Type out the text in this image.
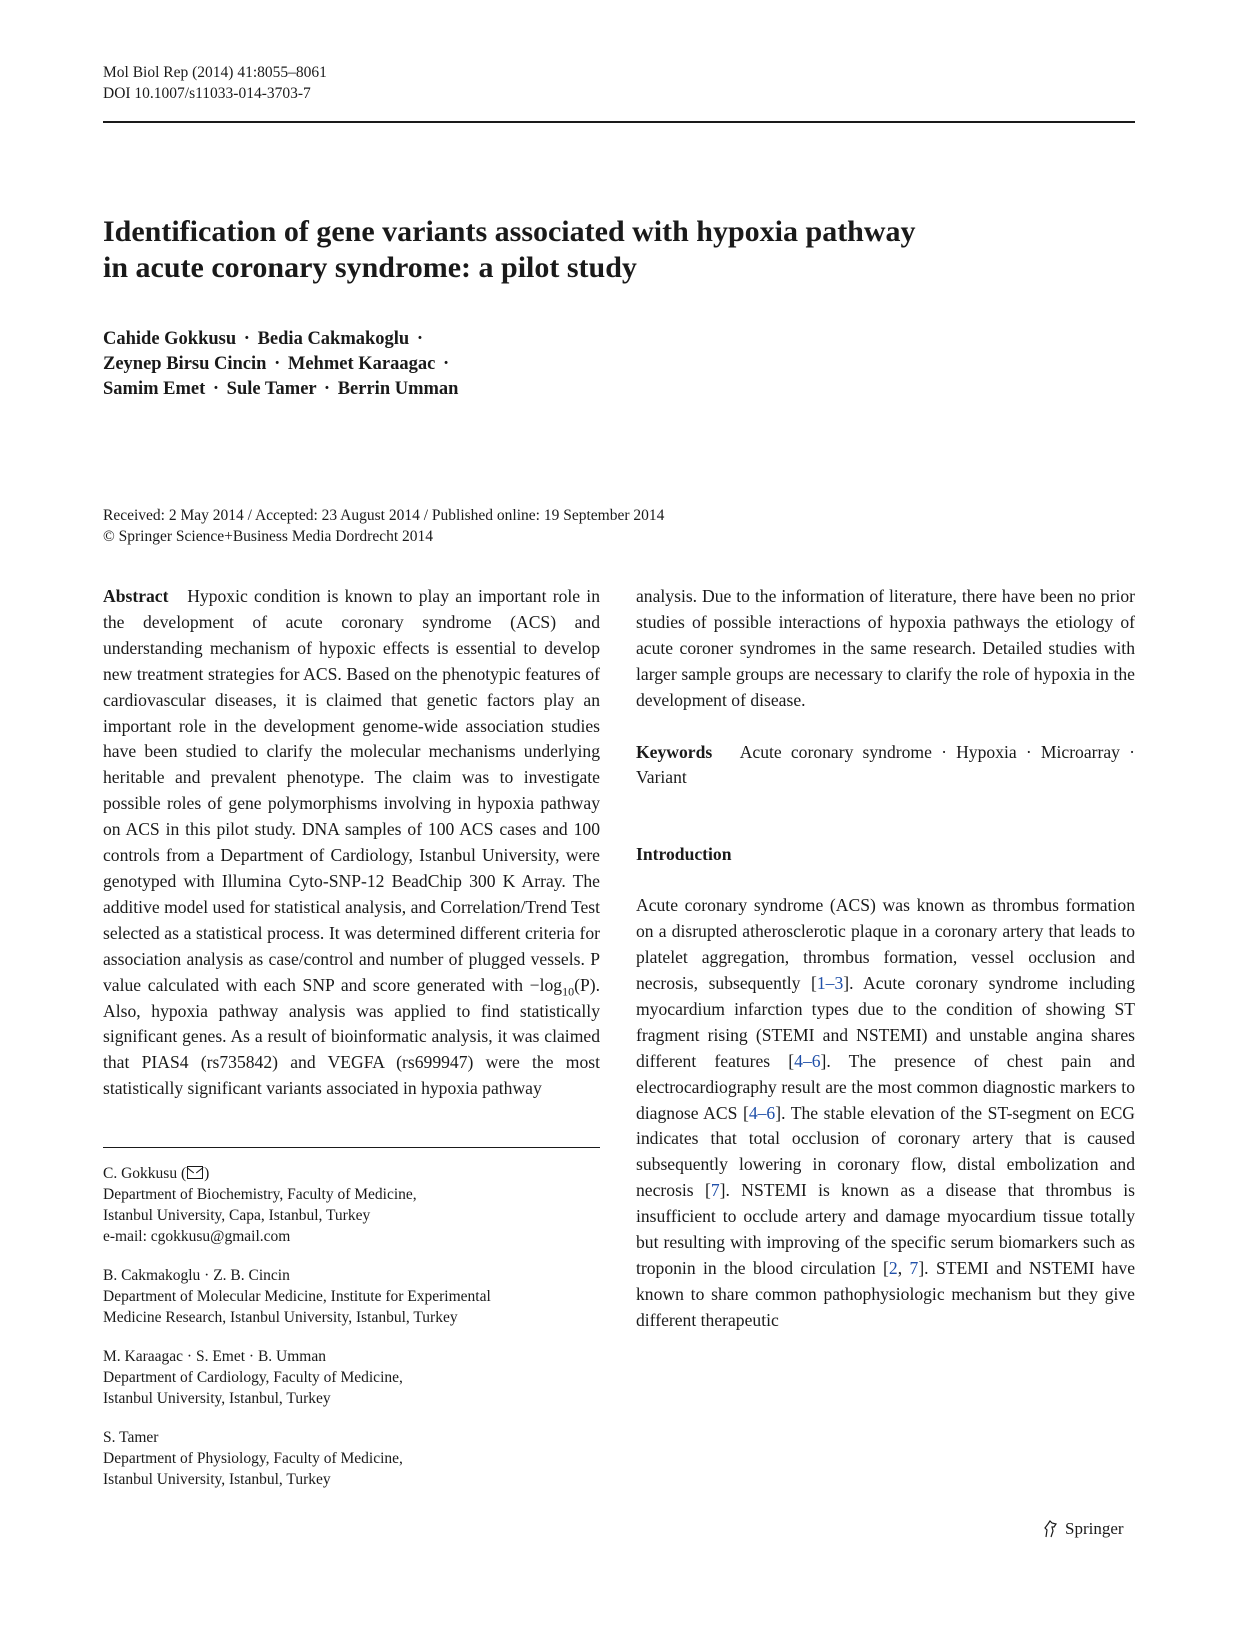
Mol Biol Rep (2014) 41:8055–8061
DOI 10.1007/s11033-014-3703-7
Identification of gene variants associated with hypoxia pathway
in acute coronary syndrome: a pilot study
Cahide Gokkusu · Bedia Cakmakoglu ·
Zeynep Birsu Cincin · Mehmet Karaagac ·
Samim Emet · Sule Tamer · Berrin Umman
Received: 2 May 2014 / Accepted: 23 August 2014 / Published online: 19 September 2014
© Springer Science+Business Media Dordrecht 2014

Abstract Hypoxic condition is known to play an important role in the development of acute coronary syndrome (ACS) and understanding mechanism of hypoxic effects is essential to develop new treatment strategies for ACS. Based on the phenotypic features of cardiovascular diseases, it is claimed that genetic factors play an important role in the development genome-wide association studies have been studied to clarify the molecular mechanisms underlying heritable and prevalent phenotype. The claim was to investigate possible roles of gene polymorphisms involving in hypoxia pathway on ACS in this pilot study. DNA samples of 100 ACS cases and 100 controls from a Department of Cardiology, Istanbul University, were genotyped with Illumina Cyto-SNP-12 BeadChip 300 K Array. The additive model used for statistical analysis, and Correlation/Trend Test selected as a statistical process. It was determined different criteria for association analysis as case/control and number of plugged vessels. P value calculated with each SNP and score generated with $-\log_{10}(P)$. Also, hypoxia pathway analysis was applied to find statistically significant genes. As a result of bioinformatic analysis, it was claimed that PIAS4 (rs735842) and VEGFA (rs699947) were the most statistically significant variants associated in hypoxia pathway

analysis. Due to the information of literature, there have been no prior studies of possible interactions of hypoxia pathways the etiology of acute coroner syndromes in the same research. Detailed studies with larger sample groups are necessary to clarify the role of hypoxia in the development of disease.

Keywords Acute coronary syndrome · Hypoxia · Microarray · Variant

Introduction

Acute coronary syndrome (ACS) was known as thrombus formation on a disrupted atherosclerotic plaque in a coronary artery that leads to platelet aggregation, thrombus formation, vessel occlusion and necrosis, subsequently [1–3]. Acute coronary syndrome including myocardium infarction types due to the condition of showing ST fragment rising (STEMI and NSTEMI) and unstable angina shares different features [4–6]. The presence of chest pain and electrocardiography result are the most common diagnostic markers to diagnose ACS [4–6]. The stable elevation of the ST-segment on ECG indicates that total occlusion of coronary artery that is caused subsequently lowering in coronary flow, distal embolization and necrosis [7]. NSTEMI is known as a disease that thrombus is insufficient to occlude artery and damage myocardium tissue totally but resulting with improving of the specific serum biomarkers such as troponin in the blood circulation [2, 7]. STEMI and NSTEMI have known to share common pathophysiologic mechanism but they give different therapeutic

C. Gokkusu ( )
Department of Biochemistry, Faculty of Medicine,
Istanbul University, Capa, Istanbul, Turkey
e-mail: cgokkusu@gmail.com
B. Cakmakoglu · Z. B. Cincin
Department of Molecular Medicine, Institute for Experimental
Medicine Research, Istanbul University, Istanbul, Turkey
M. Karaagac · S. Emet · B. Umman
Department of Cardiology, Faculty of Medicine,
Istanbul University, Istanbul, Turkey
S. Tamer
Department of Physiology, Faculty of Medicine,
Istanbul University, Istanbul, Turkey
Springer
